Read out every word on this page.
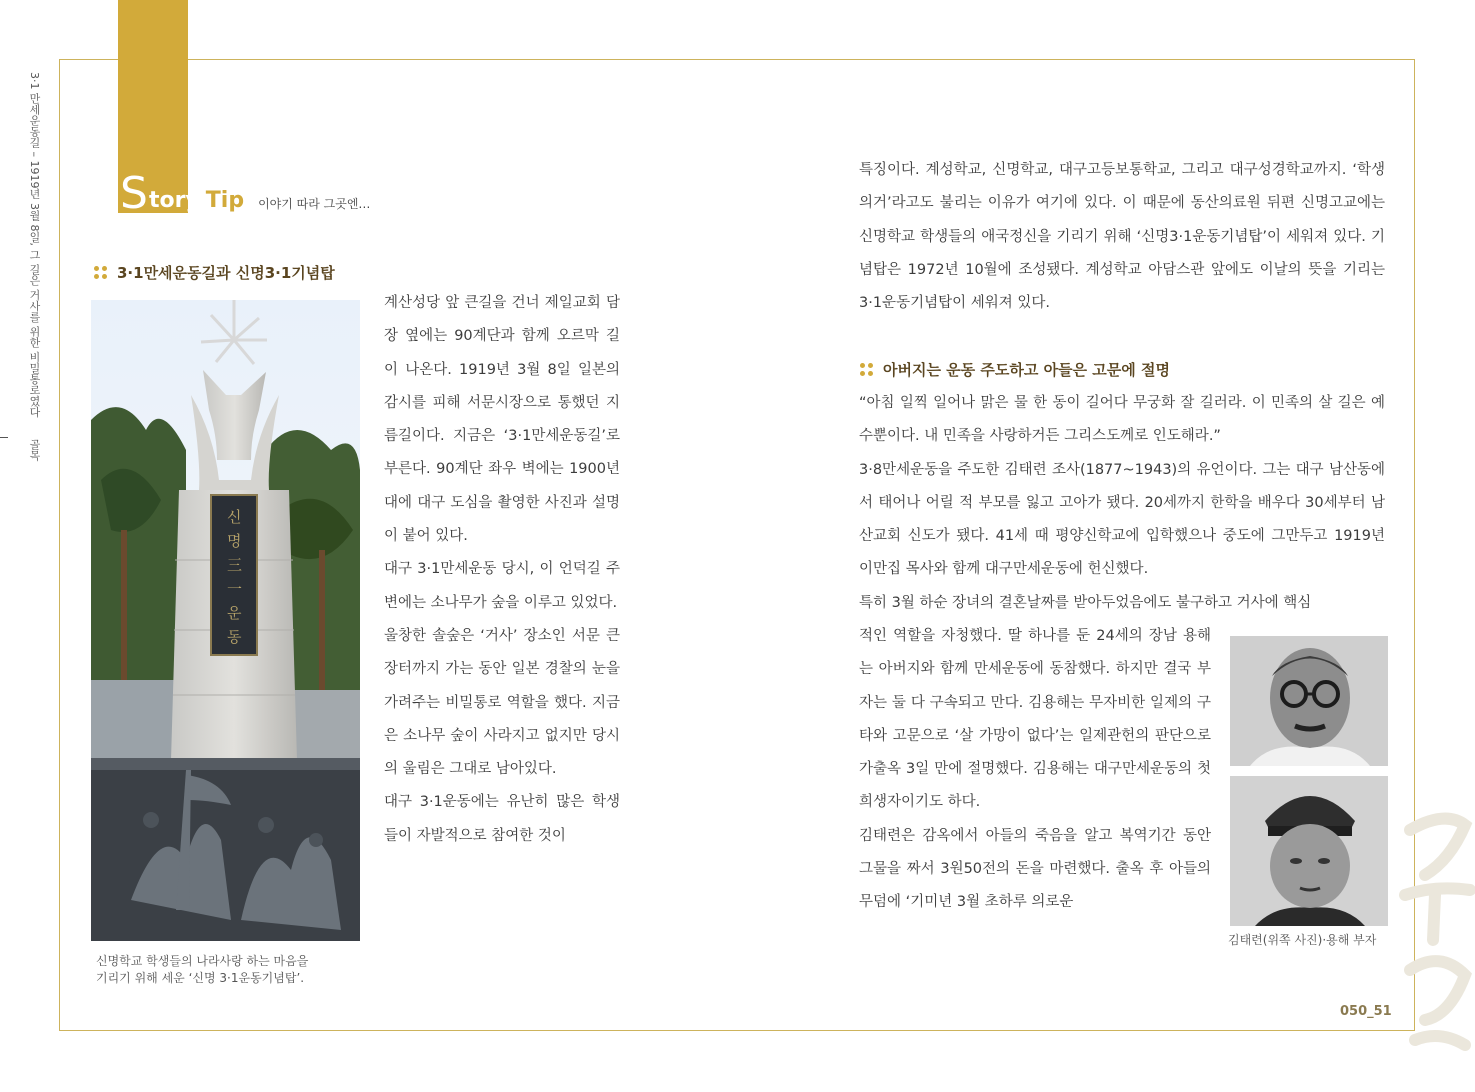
3·1 만세운동길 – 1919년 3월 8일, 그 길은 거사를 위한 비밀통로였다골목
S tory Tip 이야기 따라 그곳엔…
3·1만세운동길과 신명3·1기념탑
신
명
三
一
운
동
신명학교 학생들의 나라사랑 하는 마음을
기리기 위해 세운 ‘신명 3·1운동기념탑’.

계산성당 앞 큰길을 건너 제일교회 담장 옆에는 90계단과 함께 오르막 길이 나온다. 1919년 3월 8일 일본의 감시를 피해 서문시장으로 통했던 지름길이다. 지금은 ‘3·1만세운동길’로 부른다. 90계단 좌우 벽에는 1900년대에 대구 도심을 촬영한 사진과 설명이 붙어 있다.

대구 3·1만세운동 당시, 이 언덕길 주변에는 소나무가 숲을 이루고 있었다.

울창한 솔숲은 ‘거사’ 장소인 서문 큰장터까지 가는 동안 일본 경찰의 눈을 가려주는 비밀통로 역할을 했다. 지금은 소나무 숲이 사라지고 없지만 당시의 울림은 그대로 남아있다.

대구 3·1운동에는 유난히 많은 학생들이 자발적으로 참여한 것이

특징이다. 계성학교, 신명학교, 대구고등보통학교, 그리고 대구성경학교까지. ‘학생의거’라고도 불리는 이유가 여기에 있다. 이 때문에 동산의료원 뒤편 신명고교에는 신명학교 학생들의 애국정신을 기리기 위해 ‘신명3·1운동기념탑’이 세워져 있다. 기념탑은 1972년 10월에 조성됐다. 계성학교 아담스관 앞에도 이날의 뜻을 기리는 3·1운동기념탑이 세워져 있다.

아버지는 운동 주도하고 아들은 고문에 절명

“아침 일찍 일어나 맑은 물 한 동이 길어다 무궁화 잘 길러라. 이 민족의 살 길은 예수뿐이다. 내 민족을 사랑하거든 그리스도께로 인도해라.”

3·8만세운동을 주도한 김태련 조사(1877~1943)의 유언이다. 그는 대구 남산동에서 태어나 어릴 적 부모를 잃고 고아가 됐다. 20세까지 한학을 배우다 30세부터 남산교회 신도가 됐다. 41세 때 평양신학교에 입학했으나 중도에 그만두고 1919년 이만집 목사와 함께 대구만세운동에 헌신했다.

특히 3월 하순 장녀의 결혼날짜를 받아두었음에도 불구하고 거사에 핵심

적인 역할을 자청했다. 딸 하나를 둔 24세의 장남 용해는 아버지와 함께 만세운동에 동참했다. 하지만 결국 부자는 둘 다 구속되고 만다. 김용해는 무자비한 일제의 구타와 고문으로 ‘살 가망이 없다’는 일제관헌의 판단으로 가출옥 3일 만에 절명했다. 김용해는 대구만세운동의 첫 희생자이기도 하다.

김태련은 감옥에서 아들의 죽음을 알고 복역기간 동안 그물을 짜서 3원50전의 돈을 마련했다. 출옥 후 아들의 무덤에 ‘기미년 3월 초하루 의로운

김태련(위쪽 사진)·용해 부자
050_51
